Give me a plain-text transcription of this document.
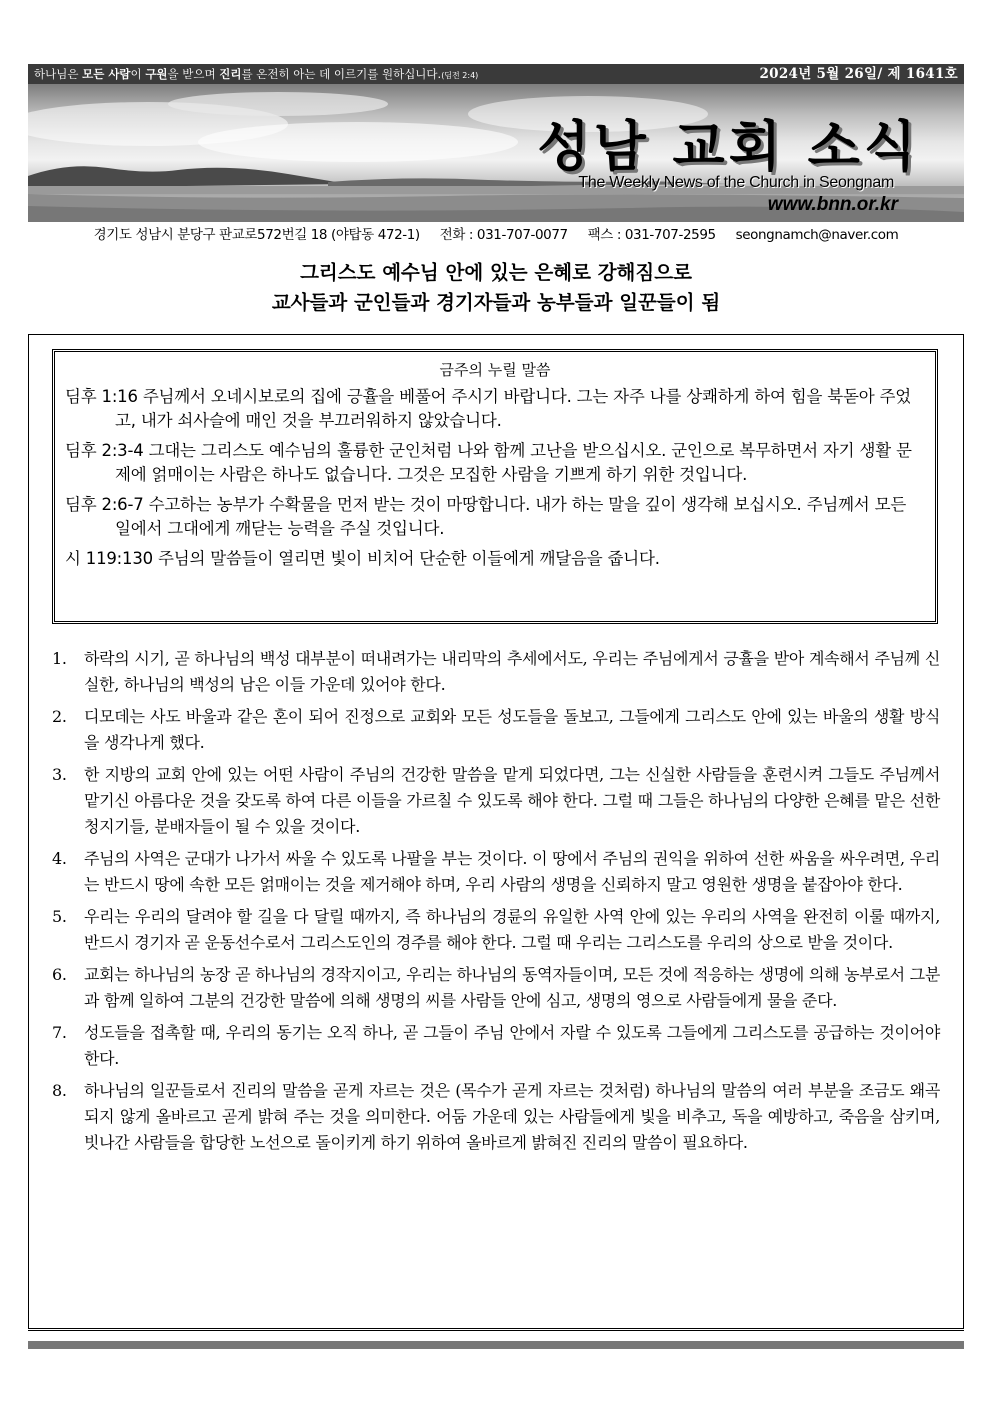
하나님은 모든 사람이 구원을 받으며 진리를 온전히 아는 데 이르기를 원하십니다.(딤전 2:4)	2024년 5월 26일/ 제 1641호
성남 교회 소식
The Weekly News of the Church in Seongnam
www.bnn.or.kr
경기도 성남시 분당구 판교로572번길 18 (야탑동 472-1) 전화 : 031-707-0077 팩스 : 031-707-2595 seongnamch@naver.com
그리스도 예수님 안에 있는 은혜로 강해짐으로
교사들과 군인들과 경기자들과 농부들과 일꾼들이 됨
금주의 누릴 말씀
딤후 1:16 주님께서 오네시보로의 집에 긍휼을 베풀어 주시기 바랍니다. 그는 자주 나를 상쾌하게 하여 힘을 북돋아 주었고, 내가 쇠사슬에 매인 것을 부끄러워하지 않았습니다.
딤후 2:3-4 그대는 그리스도 예수님의 훌륭한 군인처럼 나와 함께 고난을 받으십시오. 군인으로 복무하면서 자기 생활 문제에 얽매이는 사람은 하나도 없습니다. 그것은 모집한 사람을 기쁘게 하기 위한 것입니다.
딤후 2:6-7 수고하는 농부가 수확물을 먼저 받는 것이 마땅합니다. 내가 하는 말을 깊이 생각해 보십시오. 주님께서 모든 일에서 그대에게 깨닫는 능력을 주실 것입니다.
시 119:130 주님의 말씀들이 열리면 빛이 비치어 단순한 이들에게 깨달음을 줍니다.
1.	하락의 시기, 곧 하나님의 백성 대부분이 떠내려가는 내리막의 추세에서도, 우리는 주님에게서 긍휼을 받아 계속해서 주님께 신실한, 하나님의 백성의 남은 이들 가운데 있어야 한다.
2.	디모데는 사도 바울과 같은 혼이 되어 진정으로 교회와 모든 성도들을 돌보고, 그들에게 그리스도 안에 있는 바울의 생활 방식을 생각나게 했다.
3.	한 지방의 교회 안에 있는 어떤 사람이 주님의 건강한 말씀을 맡게 되었다면, 그는 신실한 사람들을 훈련시켜 그들도 주님께서 맡기신 아름다운 것을 갖도록 하여 다른 이들을 가르칠 수 있도록 해야 한다. 그럴 때 그들은 하나님의 다양한 은혜를 맡은 선한 청지기들, 분배자들이 될 수 있을 것이다.
4.	주님의 사역은 군대가 나가서 싸울 수 있도록 나팔을 부는 것이다. 이 땅에서 주님의 권익을 위하여 선한 싸움을 싸우려면, 우리는 반드시 땅에 속한 모든 얽매이는 것을 제거해야 하며, 우리 사람의 생명을 신뢰하지 말고 영원한 생명을 붙잡아야 한다.
5.	우리는 우리의 달려야 할 길을 다 달릴 때까지, 즉 하나님의 경륜의 유일한 사역 안에 있는 우리의 사역을 완전히 이룰 때까지, 반드시 경기자 곧 운동선수로서 그리스도인의 경주를 해야 한다. 그럴 때 우리는 그리스도를 우리의 상으로 받을 것이다.
6.	교회는 하나님의 농장 곧 하나님의 경작지이고, 우리는 하나님의 동역자들이며, 모든 것에 적응하는 생명에 의해 농부로서 그분과 함께 일하여 그분의 건강한 말씀에 의해 생명의 씨를 사람들 안에 심고, 생명의 영으로 사람들에게 물을 준다.
7.	성도들을 접촉할 때, 우리의 동기는 오직 하나, 곧 그들이 주님 안에서 자랄 수 있도록 그들에게 그리스도를 공급하는 것이어야 한다.
8.	하나님의 일꾼들로서 진리의 말씀을 곧게 자르는 것은 (목수가 곧게 자르는 것처럼) 하나님의 말씀의 여러 부분을 조금도 왜곡되지 않게 올바르고 곧게 밝혀 주는 것을 의미한다. 어둠 가운데 있는 사람들에게 빛을 비추고, 독을 예방하고, 죽음을 삼키며, 빗나간 사람들을 합당한 노선으로 돌이키게 하기 위하여 올바르게 밝혀진 진리의 말씀이 필요하다.
